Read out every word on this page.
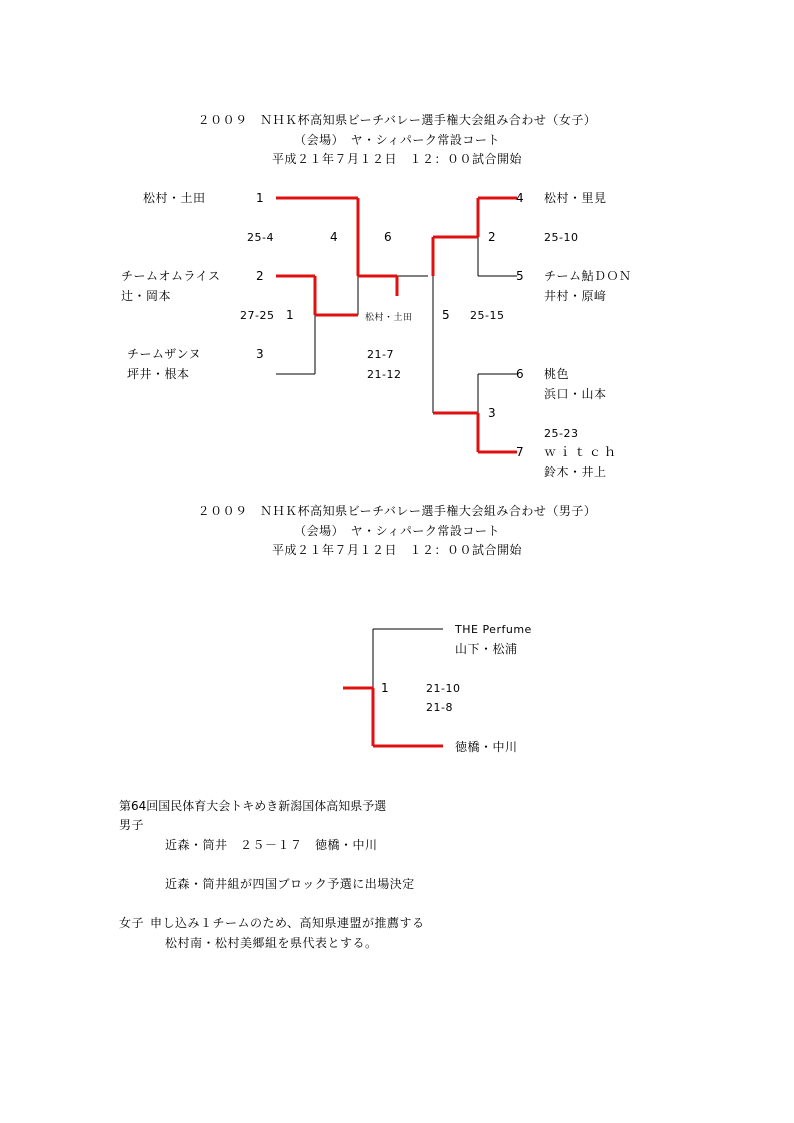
２００９　ＮＨＫ杯高知県ビーチバレー選手権大会組み合わせ（女子）
（会場）　ヤ・シィパーク常設コート
平成２１年７月１２日　１２：００試合開始
松村・土田	1
25-4	4	6
チームオムライス	2
辻・岡本
27-25 1	松村・土田
チームザンヌ	3
坪井・根本
21-7
21-12
4 松村・里見
2	25-10
5 チーム鮎ＤＯＮ
井村・原﨑
5 25-15
6 桃色
浜口・山本
3
25-23
7 ｗｉｔｃｈ
鈴木・井上
２００９　ＮＨＫ杯高知県ビーチバレー選手権大会組み合わせ（男子）
（会場）　ヤ・シィパーク常設コート
平成２１年７月１２日　１２：００試合開始
THE Perfume
山下・松浦
1	21-10
21-8
徳橋・中川
第64回国民体育大会トキめき新潟国体高知県予選
男子
近森・筒井　２５－１７　徳橋・中川
近森・筒井組が四国ブロック予選に出場決定
女子 申し込み１チームのため、高知県連盟が推薦する
松村南・松村美郷組を県代表とする。
